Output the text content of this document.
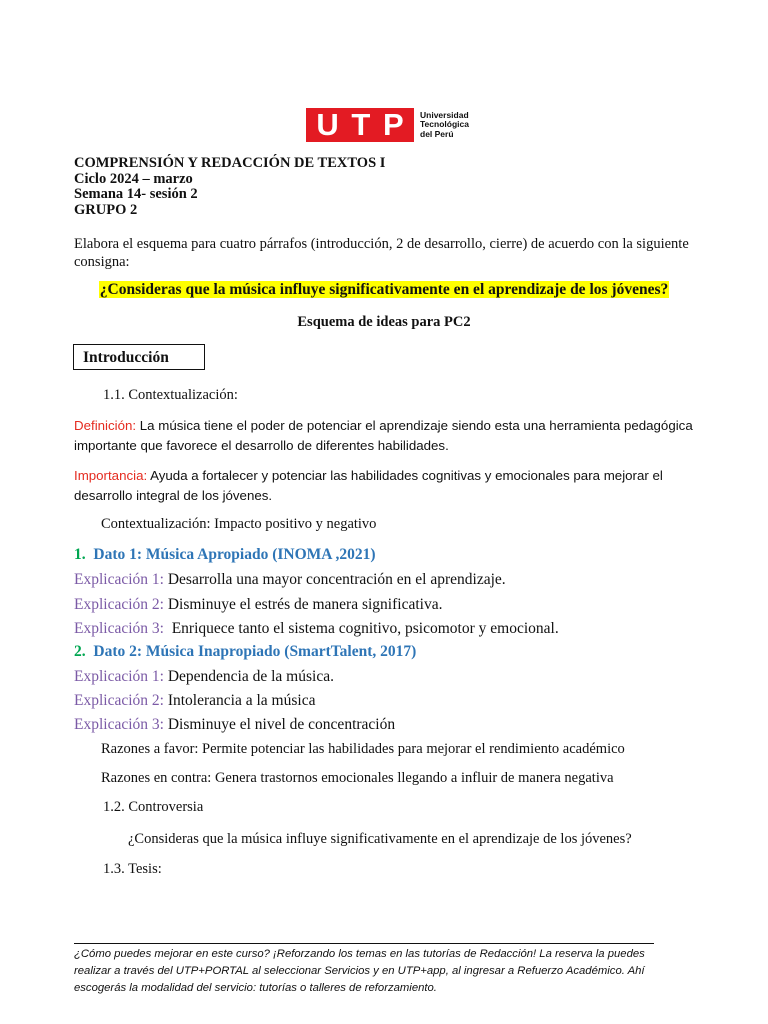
U T P Universidad
Tecnológica
del Perú
COMPRENSIÓN Y REDACCIÓN DE TEXTOS I
Ciclo 2024 – marzo
Semana 14- sesión 2
GRUPO 2
Elabora el esquema para cuatro párrafos (introducción, 2 de desarrollo, cierre) de acuerdo con la siguiente consigna:
¿Consideras que la música influye significativamente en el aprendizaje de los jóvenes?
Esquema de ideas para PC2
Introducción
1.1. Contextualización:
Definición: La música tiene el poder de potenciar el aprendizaje siendo esta una herramienta pedagógica importante que favorece el desarrollo de diferentes habilidades.
Importancia: Ayuda a fortalecer y potenciar las habilidades cognitivas y emocionales para mejorar el desarrollo integral de los jóvenes.
Contextualización: Impacto positivo y negativo
1. Dato 1: Música Apropiado (INOMA ,2021)
Explicación 1: Desarrolla una mayor concentración en el aprendizaje.
Explicación 2: Disminuye el estrés de manera significativa.
Explicación 3:  Enriquece tanto el sistema cognitivo, psicomotor y emocional.
2. Dato 2: Música Inapropiado (SmartTalent, 2017)
Explicación 1: Dependencia de la música.
Explicación 2: Intolerancia a la música
Explicación 3: Disminuye el nivel de concentración
Razones a favor: Permite potenciar las habilidades para mejorar el rendimiento académico
Razones en contra: Genera trastornos emocionales llegando a influir de manera negativa
1.2. Controversia
¿Consideras que la música influye significativamente en el aprendizaje de los jóvenes?
1.3. Tesis:
¿Cómo puedes mejorar en este curso? ¡Reforzando los temas en las tutorías de Redacción! La reserva la puedes realizar a través del UTP+PORTAL al seleccionar Servicios y en UTP+app, al ingresar a Refuerzo Académico. Ahí escogerás la modalidad del servicio: tutorías o talleres de reforzamiento.
